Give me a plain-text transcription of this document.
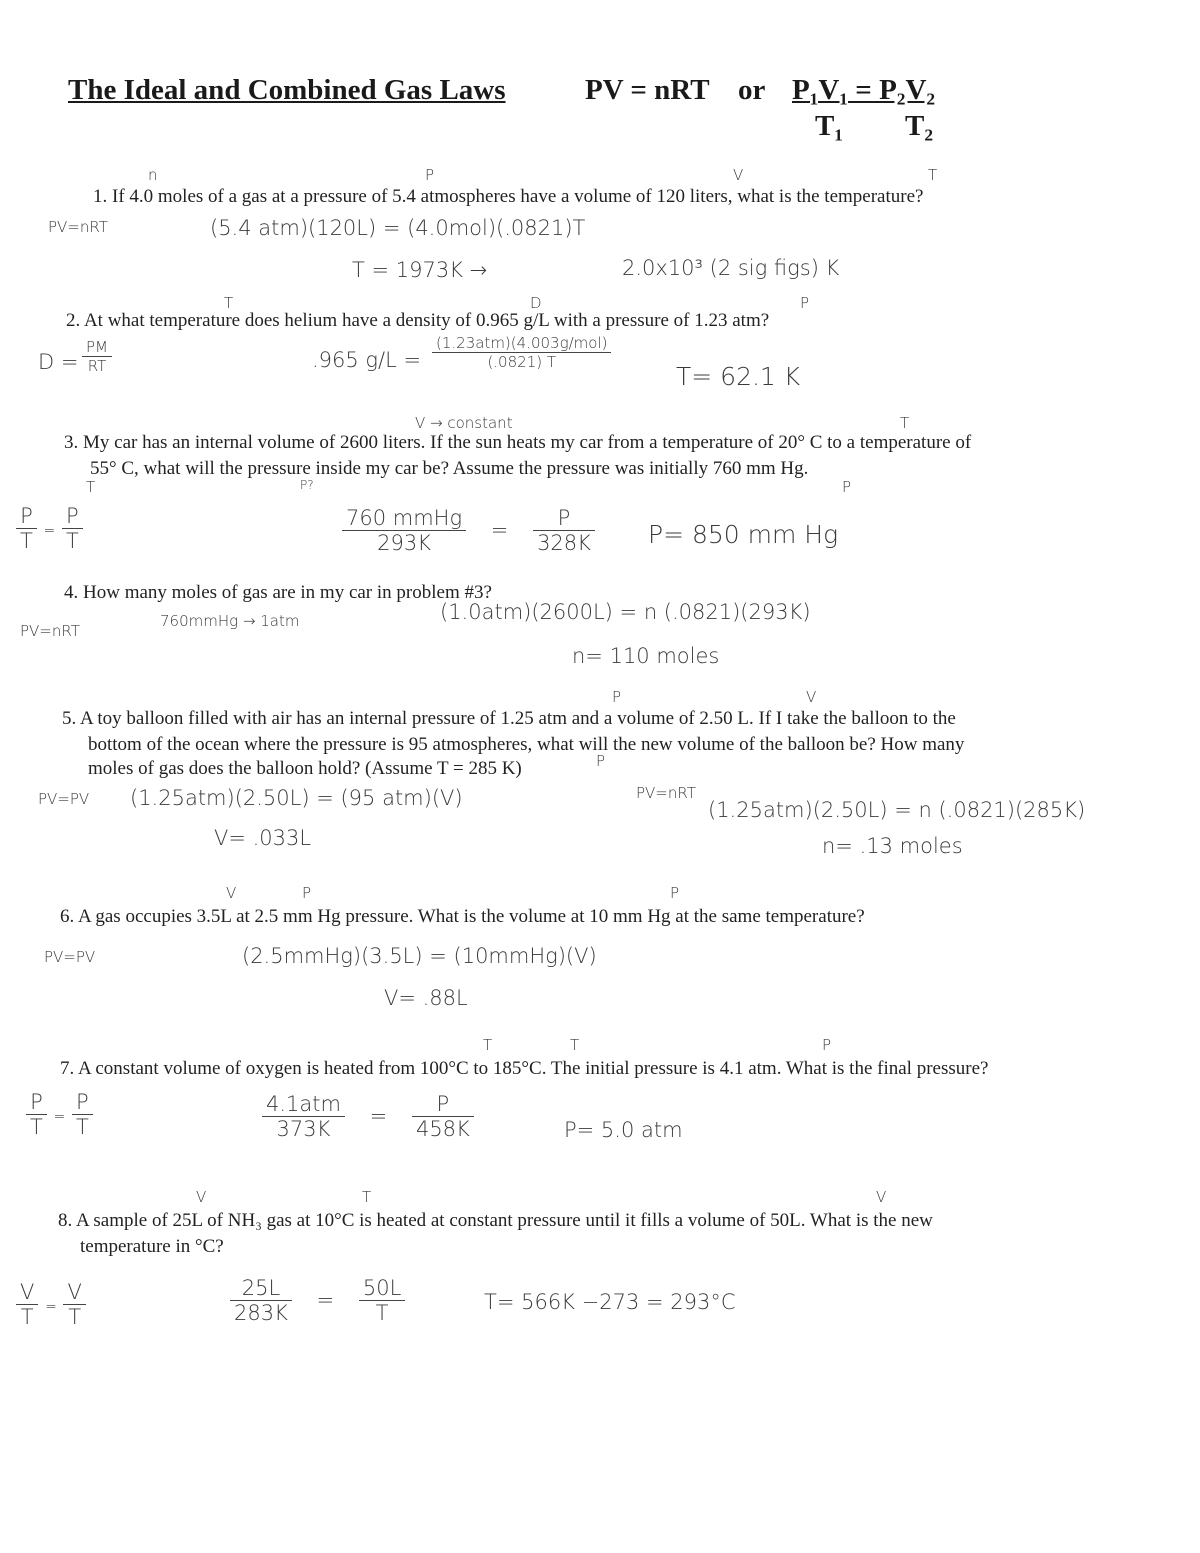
The Ideal and Combined Gas Laws	PV = nRT or P₁V₁ = P₂V₂
T₁ T₂
n	P	V	T
1. If 4.0 moles of a gas at a pressure of 5.4 atmospheres have a volume of 120 liters, what is the temperature?
PV=nRT	(5.4 atm)(120L) = (4.0mol)(.0821)T
T = 1973K →	2.0x10³ (2 sig figs) K
T	D	P
2. At what temperature does helium have a density of 0.965 g/L with a pressure of 1.23 atm?
$D = \frac{PM}{RT}$	.965 g/L =
(1.23atm)(4.003g/mol)
(.0821) T	T= 62.1 K
V → constant	T
3. My car has an internal volume of 2600 liters. If the sun heats my car from a temperature of 20° C to a temperature of
55° C, what will the pressure inside my car be? Assume the pressure was initially 760 mm Hg.
T	P?	P
$\frac{P}{T} = \frac{P}{T}$	760 mmHg
293K
= $\frac{P}{328K} P= 850$ mm Hg
4. How many moles of gas are in my car in problem #3?
PV=nRT
760mmHg → 1atm	(1.0atm)(2600L) = n (.0821)(293K)
n= 110 moles
P	V
5. A toy balloon filled with air has an internal pressure of 1.25 atm and a volume of 2.50 L. If I take the balloon to the
bottom of the ocean where the pressure is 95 atmospheres, what will the new volume of the balloon be? How many
moles of gas does the balloon hold? (Assume T = 285 K)	P
PV=PV (1.25atm)(2.50L) = (95 atm)(V)
V= .033L
PV=nRT
(1.25atm)(2.50L) = n (.0821)(285K)
n= .13 moles
V	P	P
6. A gas occupies 3.5L at 2.5 mm Hg pressure. What is the volume at 10 mm Hg at the same temperature?
PV=PV	(2.5mmHg)(3.5L) = (10mmHg)(V)
V= .88L
T	T	P
7. A constant volume of oxygen is heated from 100°C to 185°C. The initial pressure is 4.1 atm. What is the final pressure?
$\frac{P}{T} = \frac{P}{T}$	4.1atm
373K
= $\frac{P}{458K}$	P= 5.0 atm
V	T	V
8. A sample of 25L of NH₃ gas at 10°C is heated at constant pressure until it fills a volume of 50L. What is the new
temperature in °C?
$\frac{V}{T} = \frac{V}{T}$	$\frac{25L}{283K} = \frac{50L}{T}$	T= 566K −273 = 293°C
